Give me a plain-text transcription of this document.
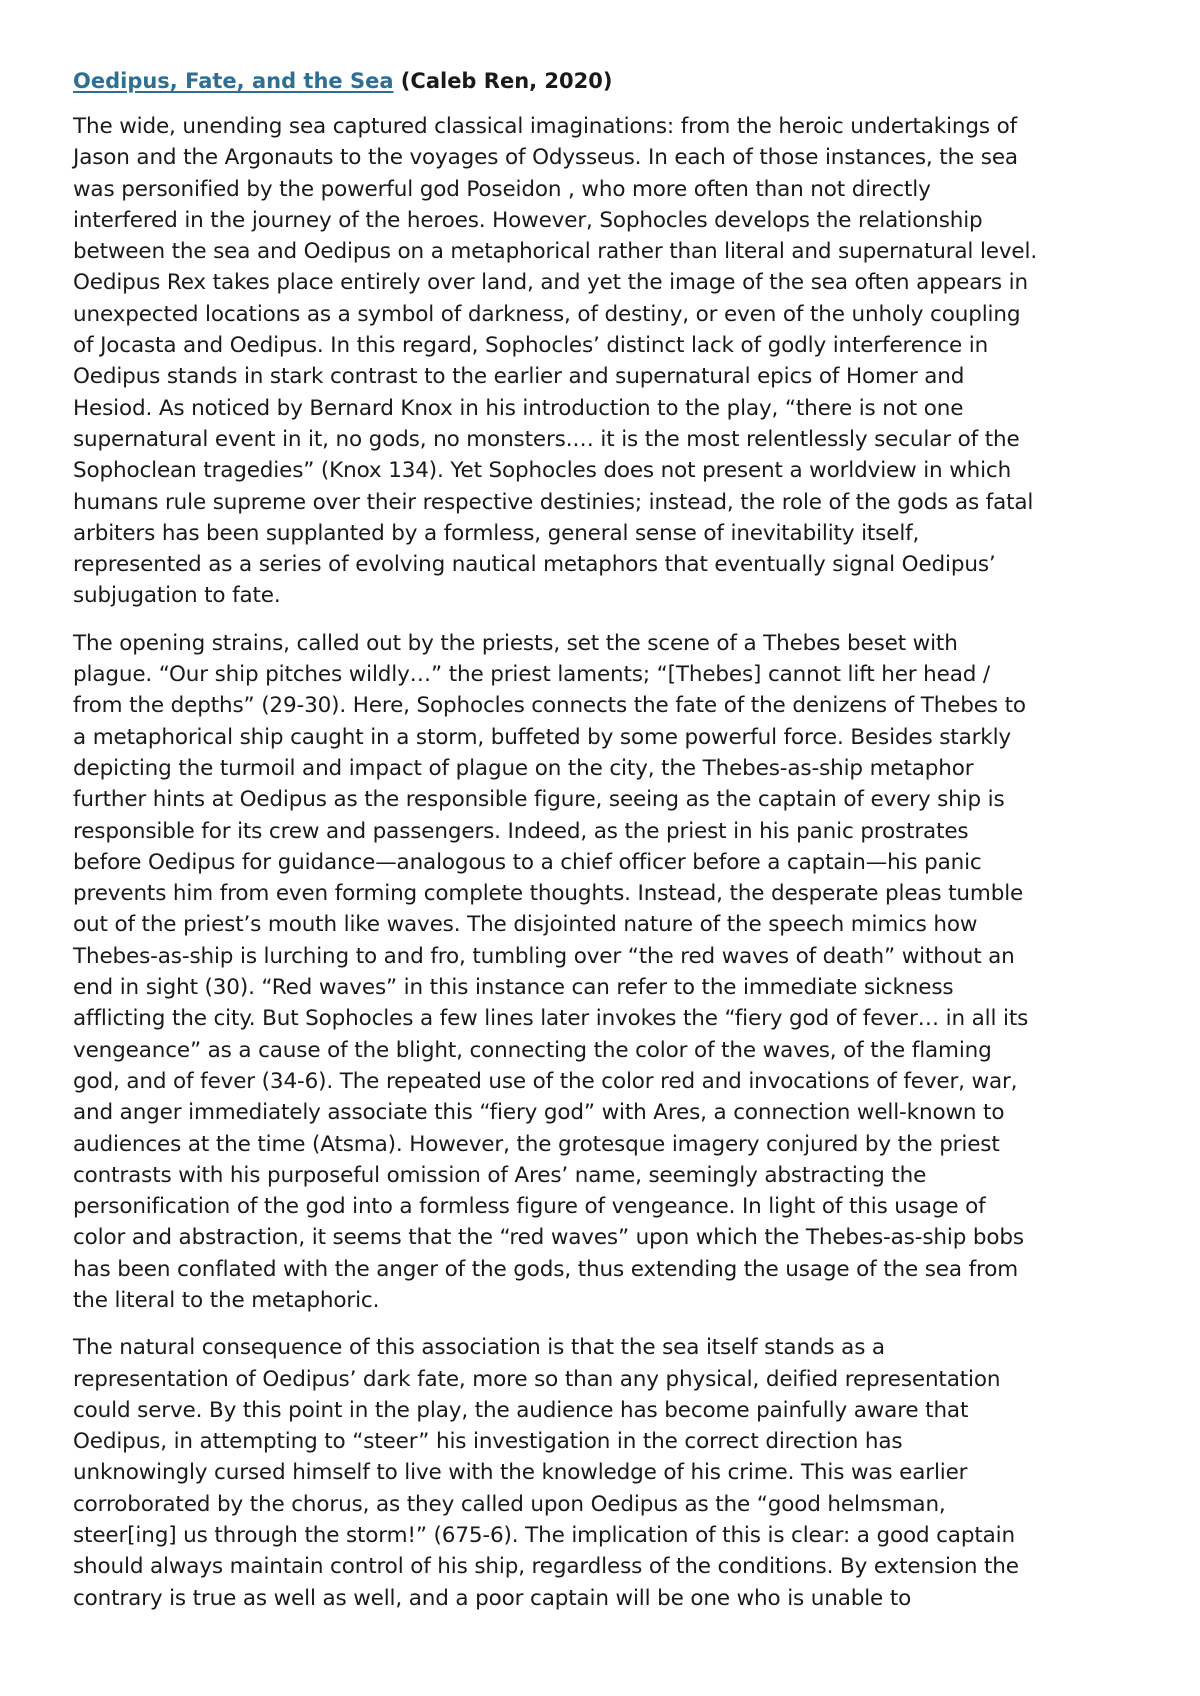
Oedipus, Fate, and the Sea (Caleb Ren, 2020)
The wide, unending sea captured classical imaginations: from the heroic undertakings of
Jason and the Argonauts to the voyages of Odysseus. In each of those instances, the sea
was personified by the powerful god Poseidon , who more often than not directly
interfered in the journey of the heroes. However, Sophocles develops the relationship
between the sea and Oedipus on a metaphorical rather than literal and supernatural level.
Oedipus Rex takes place entirely over land, and yet the image of the sea often appears in
unexpected locations as a symbol of darkness, of destiny, or even of the unholy coupling
of Jocasta and Oedipus. In this regard, Sophocles’ distinct lack of godly interference in
Oedipus stands in stark contrast to the earlier and supernatural epics of Homer and
Hesiod. As noticed by Bernard Knox in his introduction to the play, “there is not one
supernatural event in it, no gods, no monsters.… it is the most relentlessly secular of the
Sophoclean tragedies” (Knox 134). Yet Sophocles does not present a worldview in which
humans rule supreme over their respective destinies; instead, the role of the gods as fatal
arbiters has been supplanted by a formless, general sense of inevitability itself,
represented as a series of evolving nautical metaphors that eventually signal Oedipus’
subjugation to fate.
The opening strains, called out by the priests, set the scene of a Thebes beset with
plague. “Our ship pitches wildly…” the priest laments; “[Thebes] cannot lift her head /
from the depths” (29-30). Here, Sophocles connects the fate of the denizens of Thebes to
a metaphorical ship caught in a storm, buffeted by some powerful force. Besides starkly
depicting the turmoil and impact of plague on the city, the Thebes-as-ship metaphor
further hints at Oedipus as the responsible figure, seeing as the captain of every ship is
responsible for its crew and passengers. Indeed, as the priest in his panic prostrates
before Oedipus for guidance—analogous to a chief officer before a captain—his panic
prevents him from even forming complete thoughts. Instead, the desperate pleas tumble
out of the priest’s mouth like waves. The disjointed nature of the speech mimics how
Thebes-as-ship is lurching to and fro, tumbling over “the red waves of death” without an
end in sight (30). “Red waves” in this instance can refer to the immediate sickness
afflicting the city. But Sophocles a few lines later invokes the “fiery god of fever… in all its
vengeance” as a cause of the blight, connecting the color of the waves, of the flaming
god, and of fever (34-6). The repeated use of the color red and invocations of fever, war,
and anger immediately associate this “fiery god” with Ares, a connection well-known to
audiences at the time (Atsma). However, the grotesque imagery conjured by the priest
contrasts with his purposeful omission of Ares’ name, seemingly abstracting the
personification of the god into a formless figure of vengeance. In light of this usage of
color and abstraction, it seems that the “red waves” upon which the Thebes-as-ship bobs
has been conflated with the anger of the gods, thus extending the usage of the sea from
the literal to the metaphoric.
The natural consequence of this association is that the sea itself stands as a
representation of Oedipus’ dark fate, more so than any physical, deified representation
could serve. By this point in the play, the audience has become painfully aware that
Oedipus, in attempting to “steer” his investigation in the correct direction has
unknowingly cursed himself to live with the knowledge of his crime. This was earlier
corroborated by the chorus, as they called upon Oedipus as the “good helmsman,
steer[ing] us through the storm!” (675-6). The implication of this is clear: a good captain
should always maintain control of his ship, regardless of the conditions. By extension the
contrary is true as well as well, and a poor captain will be one who is unable to
